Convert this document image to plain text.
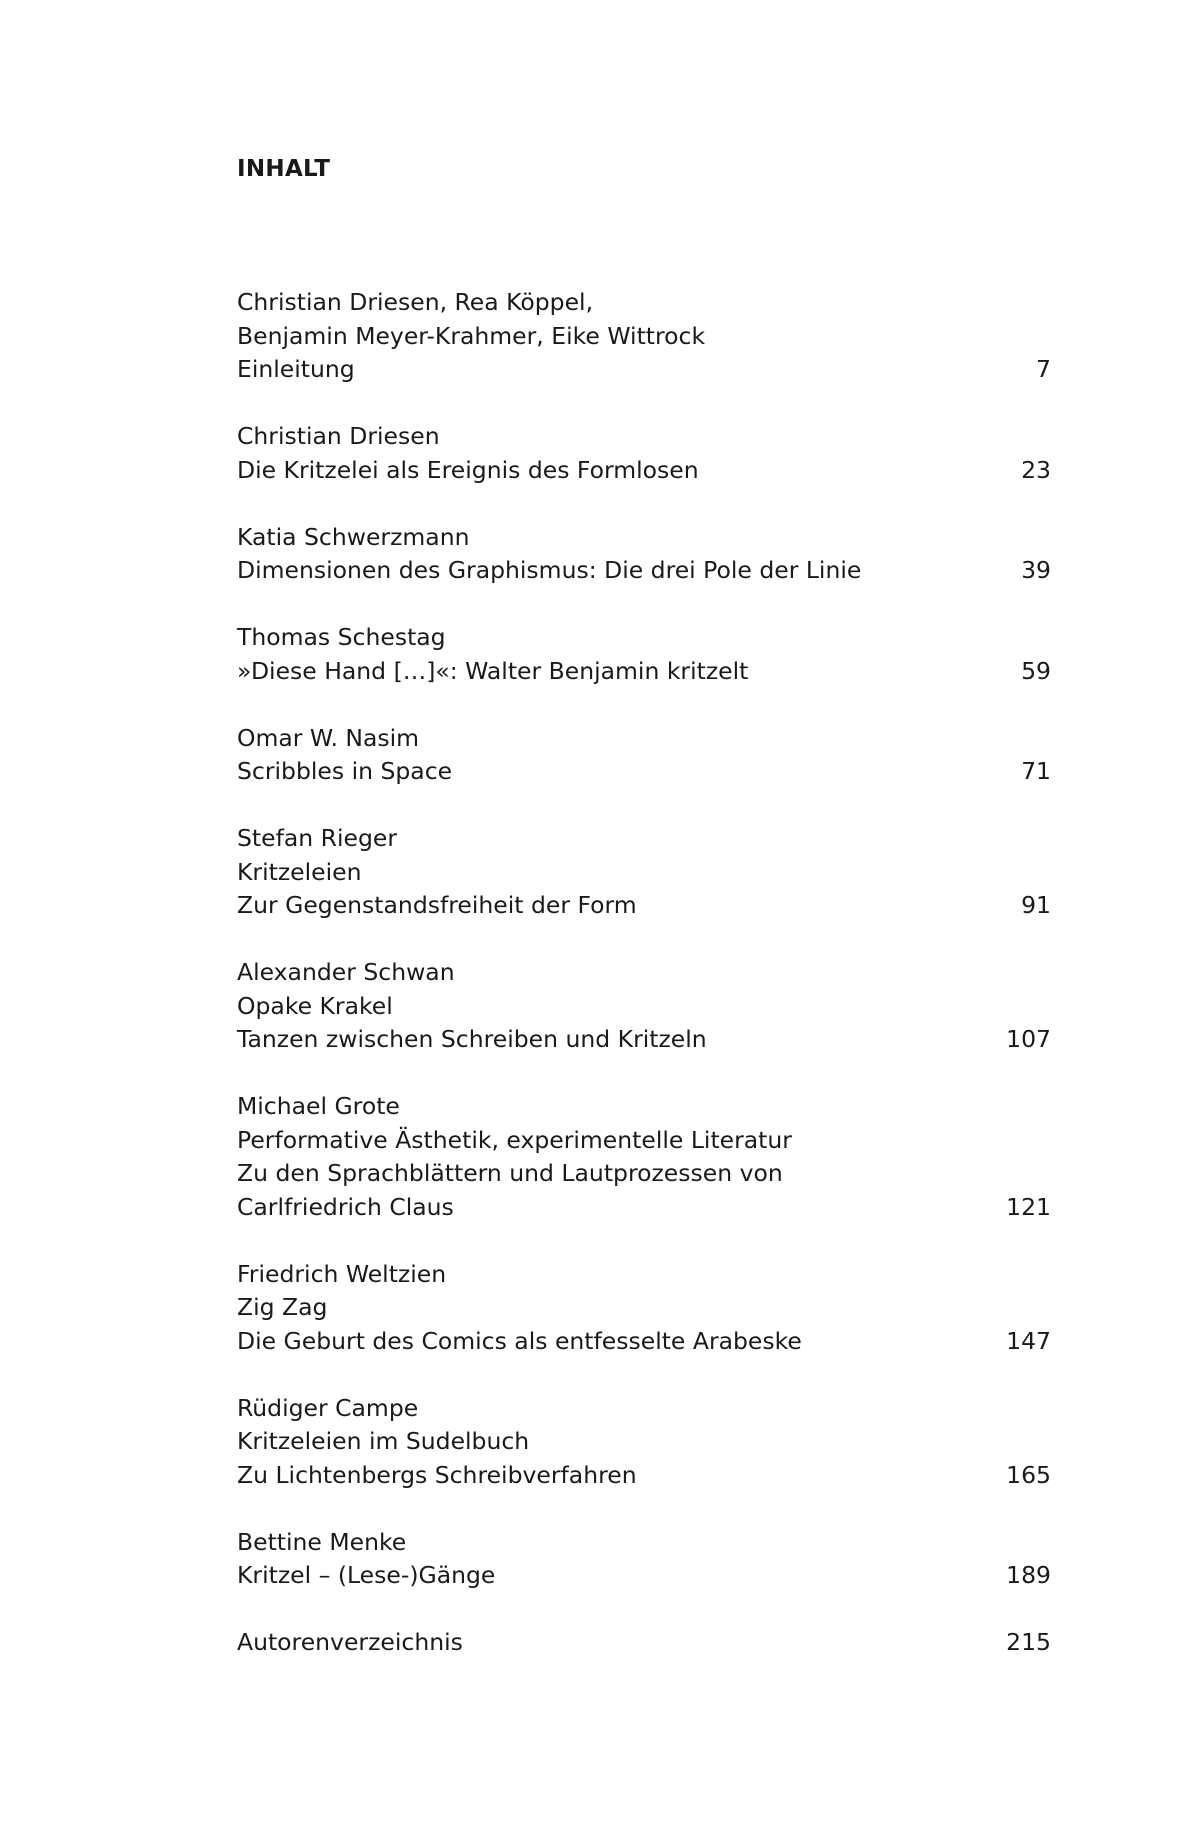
INHALT
Christian Driesen, Rea Köppel,
Benjamin Meyer-Krahmer, Eike Wittrock
Einleitung	7
Christian Driesen
Die Kritzelei als Ereignis des Formlosen	23
Katia Schwerzmann
Dimensionen des Graphismus: Die drei Pole der Linie	39
Thomas Schestag
»Diese Hand […]«: Walter Benjamin kritzelt	59
Omar W. Nasim
Scribbles in Space	71
Stefan Rieger
Kritzeleien
Zur Gegenstandsfreiheit der Form	91
Alexander Schwan
Opake Krakel
Tanzen zwischen Schreiben und Kritzeln	107
Michael Grote
Performative Ästhetik, experimentelle Literatur
Zu den Sprachblättern und Lautprozessen von
Carlfriedrich Claus	121
Friedrich Weltzien
Zig Zag
Die Geburt des Comics als entfesselte Arabeske	147
Rüdiger Campe
Kritzeleien im Sudelbuch
Zu Lichtenbergs Schreibverfahren	165
Bettine Menke
Kritzel – (Lese-)Gänge	189
Autorenverzeichnis	215
